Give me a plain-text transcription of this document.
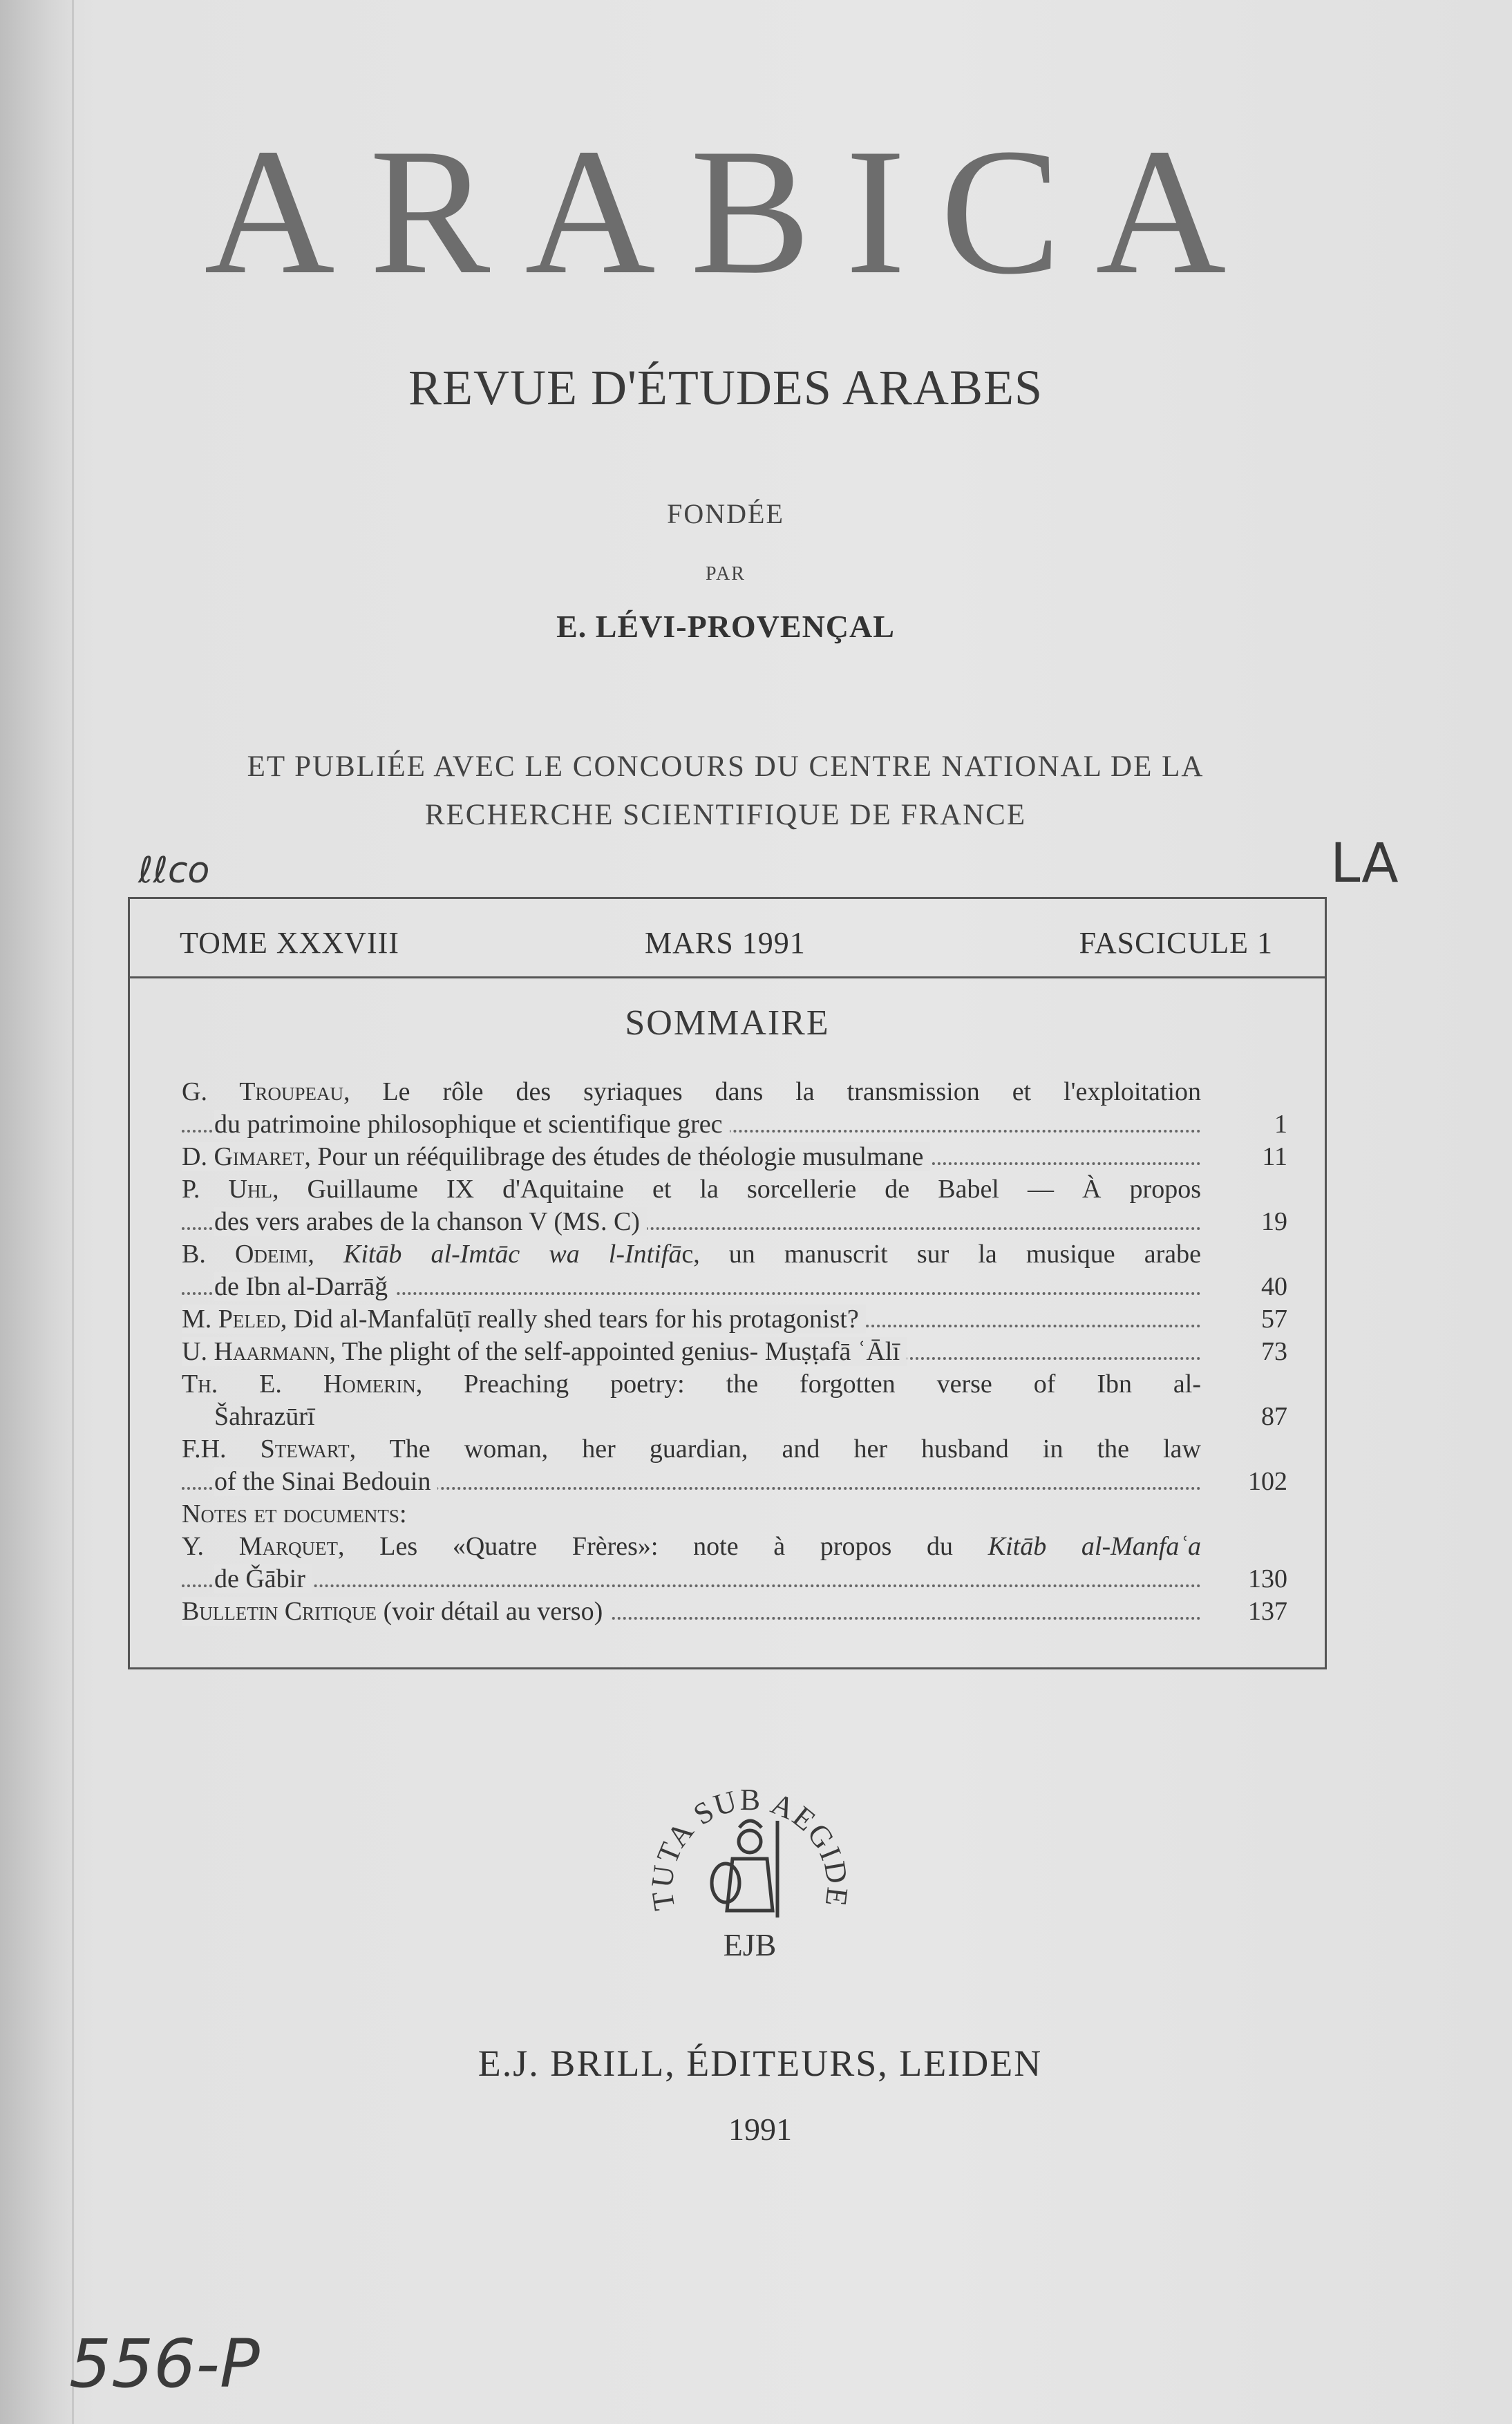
ARABICA
REVUE D'ÉTUDES ARABES
FONDÉE
PAR
E. LÉVI-PROVENÇAL
ET PUBLIÉE AVEC LE CONCOURS DU CENTRE NATIONAL DE LA
RECHERCHE SCIENTIFIQUE DE FRANCE
ℓℓco	LA
TOME XXXVIII	MARS 1991	FASCICULE 1
SOMMAIRE
G. Troupeau, Le rôle des syriaques dans la transmission et l'exploitation
du patrimoine philosophique et scientifique grec	1
D. Gimaret, Pour un rééquilibrage des études de théologie musulmane	11
P. Uhl, Guillaume IX d'Aquitaine et la sorcellerie de Babel — À propos
des vers arabes de la chanson V (MS. C)	19
B. Odeimi, Kitāb al-Imtāc wa l-Intifāc, un manuscrit sur la musique arabe
de Ibn al-Darrāǧ	40
M. Peled, Did al-Manfalūṭī really shed tears for his protagonist?	57
U. Haarmann, The plight of the self-appointed genius- Muṣṭafā ʿĀlī	73
Th. E. Homerin, Preaching poetry: the forgotten verse of Ibn al-
Šahrazūrī	87
F.H. Stewart, The woman, her guardian, and her husband in the law
of the Sinai Bedouin	102
Notes et documents:
Y. Marquet, Les «Quatre Frères»: note à propos du Kitāb al-Manfaʿa
de Ǧābir	130
Bulletin Critique (voir détail au verso)	137
TUTA SUB AEGIDE
EJB
E.J. BRILL, ÉDITEURS, LEIDEN
1991
556-P
